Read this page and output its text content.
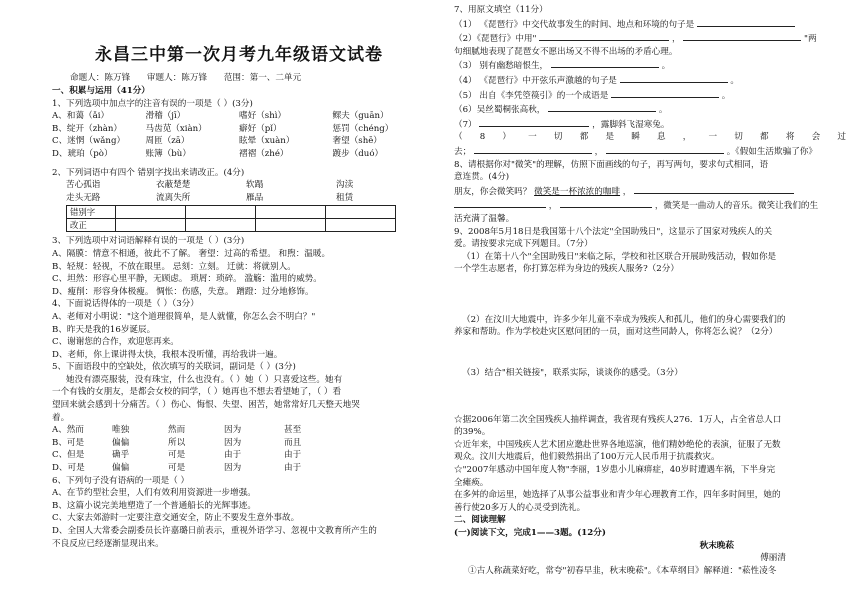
永昌三中第一次月考九年级语文试卷
命题人：陈万锋 审题人：陈万锋 范围：第一、二单元
一、积累与运用（41分）
1、下列选项中加点字的注音有误的一项是（ ）(3分)
A、和蔼（ǎi）	滑稽（jī）	嗜好（shì）	鳏夫（guān）
B、绽开（zhàn）	马齿苋（xiàn）	癖好（pǐ）	惩罚（chéng）
C、迷惘（wǎng）	周匝（zā）	眩晕（xuàn）	奢望（shē）
D、琥珀（pò）	账簿（bù）	褶褶（zhé）	踱步（duó）
2、下列词语中有四个 错别字找出来请改正。(4分)
苦心孤诣	衣蔽楚楚	软蹋	沟渎
走头无路	流离失所	雁品	租赁
错别字				
改正				
3、下列选项中对词语解释有误的一项是（ ）(3分)
A、隔膜：情意不相通，彼此不了解。 奢望：过高的希望。 和煦：温暖。
B、轻规：轻视，不放在眼里。 忌刻：立刻。 迁就：将就别人。
C、坦然：形容心里平静，无顾虑。 琐屑：琐碎。 滥觞：滥用的威势。
D、瘦削：形容身体极瘦。 惆怅：伤感，失意。 蹭蹬：过分地修饰。
4、下面说话得体的一项是（ ）（3分）
A、老师对小明说："这个道理很简单，是人就懂，你怎么会不明白？"
B、昨天是我的16岁诞辰。
C、谢谢您的合作，欢迎您再来。
D、老师，你上课讲得太快，我根本没听懂，再给我讲一遍。
5、下面语段中的空缺处，依次填写的关联词，副词是（ ）(3分)
她没有漂亮服装，没有珠宝，什么也没有。（ ）她（ ）只喜爱这些。她有
一个有钱的女朋友，是都会女校的同学，（ ）她再也不想去看望她了，（ ）看
望回来就会感到十分痛苦。（ ）伤心、悔恨、失望、困苦，她常常好几天整天地哭
着。
A、然而	唯独	然而	因为	甚至
B、可是	偏偏	所以	因为	而且
C、但是	确乎	可是	由于	由于
D、可是	偏偏	可是	因为	由于
6、下列句子没有语病的一项是（ ）
A、在节约型社会里，人们有效利用资源进一步增强。
B、这篇小说完美地塑造了一个普通船长的光辉事迹。
C、大家去郊游时一定要注意交通安全，防止不要发生意外事故。
D、全国人大常委会副委员长许嘉璐日前表示，重视外语学习、忽视中文教育所产生的
不良反应已经逐渐显现出来。
7、用原文填空（11分）
（1） 《琵琶行》中交代故事发生的时间、地点和环境的句子是
（2）《琵琶行》中用"	，	"两
句细腻地表现了琵琶女不愿出场又不得不出场的矛盾心理。
（3） 别有幽愁暗恨生，	。
（4） 《琵琶行》中开弦乐声激越的句子是	。
（5） 出自《李凭箜篌引》的一个成语是	。
（6）吴丝蜀桐张高秋，	。
（7）	，露脚斜飞湿寒兔。
（ 8 ） 一 切 都 是 瞬 息 ， 一 切 都 将 会 过
去；	，	。《假如生活欺骗了你》
8、请根据你对"微笑"的理解，仿照下面画线的句子，再写两句，要求句式相同，语
意连贯。(4分)
朋友，你会微笑吗？ 微笑是一杯浓浓的咖啡 ，
，	，微笑是一曲动人的音乐。微笑让我们的生
活充满了温馨。
9、2008年5月18日是我国第十八个法定"全国助残日"，这显示了国家对残疾人的关
爱。请按要求完成下列题目。（7分）
（1）在第十八个"全国助残日"来临之际，学校和社区联合开展助残活动，假如你是
一个学生志愿者，你打算怎样为身边的残疾人服务?（2分）
（2）在汶川大地震中，许多少年儿童不幸成为残疾人和孤儿，他们的身心需要我们的
养家和帮助。作为学校赴灾区慰问团的一员，面对这些同龄人，你将怎么说？（2分）
（3）结合"相关链接"，联系实际，谈谈你的感受。（3分）
☆据2006年第二次全国残疾人抽样调查，我省现有残疾人276．1万人，占全省总人口
的39%。
☆近年来，中国残疾人艺术团应邀赴世界各地巡演，他们精妙绝伦的表演，征服了无数
观众。汶川大地震后，他们毅然捐出了100万元人民币用于抗震救灾。
☆"2007年感动中国年度人物"李丽，1岁患小儿麻痹症，40岁时遭遇车祸，下半身完
全瘫痪。
在多舛的命运里，她选择了从事公益事业和青少年心理教育工作，四年多时间里，她的
善行使20多万人的心灵受到洗礼。
二、阅读理解
(一)阅读下文，完成1——3题。(12分)
秋末晚菘
傅丽清
①古人称蔬菜好吃，常夸"初春早韭，秋末晚菘"。《本草纲目》解释道："菘性凌冬
